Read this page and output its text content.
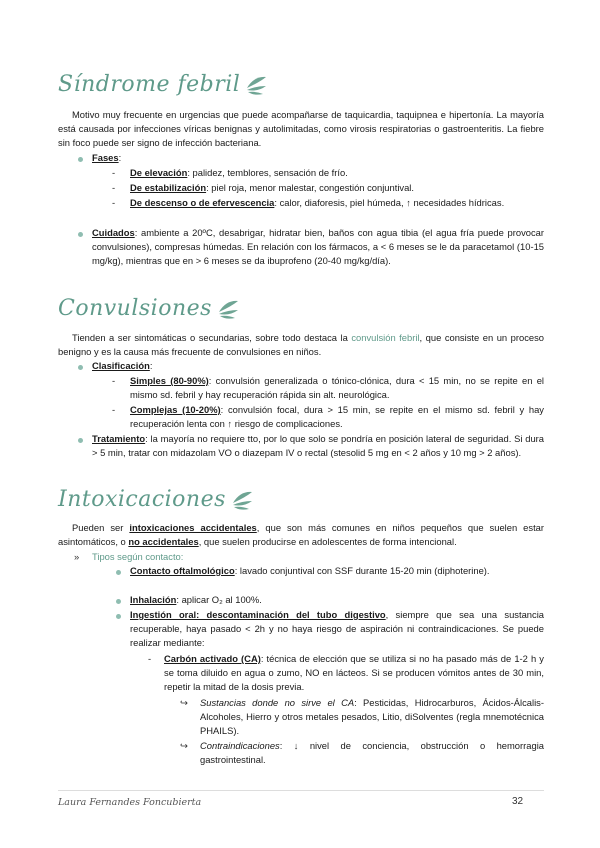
Síndrome febril
Motivo muy frecuente en urgencias que puede acompañarse de taquicardia, taquipnea e hipertonía. La mayoría está causada por infecciones víricas benignas y autolimitadas, como virosis respiratorias o gastroenteritis. La fiebre sin foco puede ser signo de infección bacteriana.
Fases:
- De elevación: palidez, temblores, sensación de frío.
- De estabilización: piel roja, menor malestar, congestión conjuntival.
- De descenso o de efervescencia: calor, diaforesis, piel húmeda, ↑ necesidades hídricas.
Cuidados: ambiente a 20ºC, desabrigar, hidratar bien, baños con agua tibia (el agua fría puede provocar convulsiones), compresas húmedas. En relación con los fármacos, a < 6 meses se le da paracetamol (10-15 mg/kg), mientras que en > 6 meses se da ibuprofeno (20-40 mg/kg/día).
Convulsiones
Tienden a ser sintomáticas o secundarias, sobre todo destaca la convulsión febril, que consiste en un proceso benigno y es la causa más frecuente de convulsiones en niños.
Clasificación:
- Simples (80-90%): convulsión generalizada o tónico-clónica, dura < 15 min, no se repite en el mismo sd. febril y hay recuperación rápida sin alt. neurológica.
- Complejas (10-20%): convulsión focal, dura > 15 min, se repite en el mismo sd. febril y hay recuperación lenta con ↑ riesgo de complicaciones.
Tratamiento: la mayoría no requiere tto, por lo que solo se pondría en posición lateral de seguridad. Si dura > 5 min, tratar con midazolam VO o diazepam IV o rectal (stesolid 5 mg en < 2 años y 10 mg > 2 años).
Intoxicaciones
Pueden ser intoxicaciones accidentales, que son más comunes en niños pequeños que suelen estar asintomáticos, o no accidentales, que suelen producirse en adolescentes de forma intencional.
» Tipos según contacto:
Contacto oftalmológico: lavado conjuntival con SSF durante 15-20 min (diphoterine).
Inhalación: aplicar O₂ al 100%.
Ingestión oral: descontaminación del tubo digestivo, siempre que sea una sustancia recuperable, haya pasado < 2h y no haya riesgo de aspiración ni contraindicaciones. Se puede realizar mediante:
- Carbón activado (CA): técnica de elección que se utiliza si no ha pasado más de 1-2 h y se toma diluido en agua o zumo, NO en lácteos. Si se producen vómitos antes de 30 min, repetir la mitad de la dosis previa.
↪ Sustancias donde no sirve el CA: Pesticidas, Hidrocarburos, Ácidos-Álcalis-Alcoholes, Hierro y otros metales pesados, Litio, diSolventes (regla mnemotécnica PHAILS).
↪ Contraindicaciones: ↓ nivel de conciencia, obstrucción o hemorragia gastrointestinal.
Laura Fernandes Foncubierta	32
